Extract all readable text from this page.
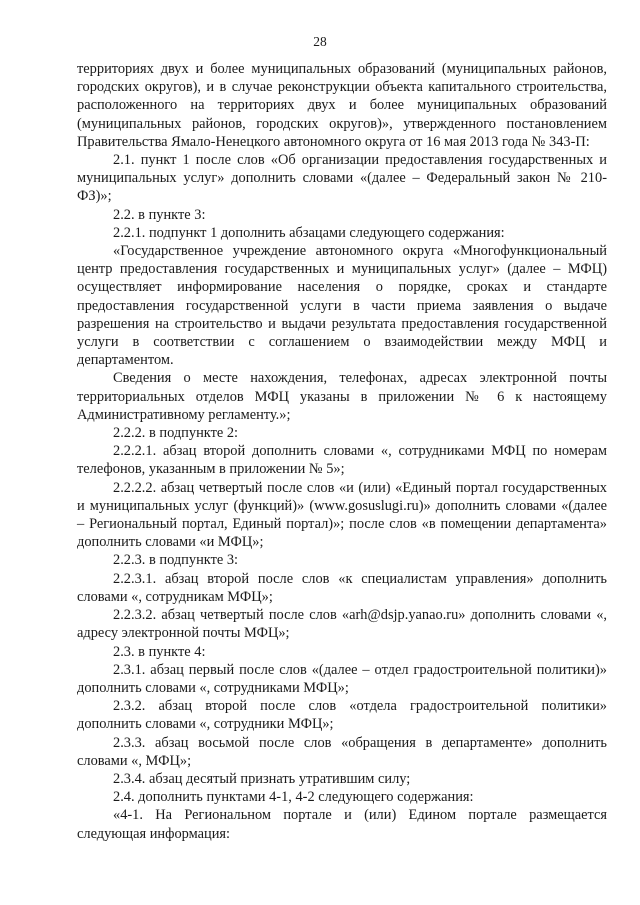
28

территориях двух и более муниципальных образований (муниципальных районов, городских округов), и в случае реконструкции объекта капитального строительства, расположенного на территориях двух и более муниципальных образований (муниципальных районов, городских округов)», утвержденного постановлением Правительства Ямало-Ненецкого автономного округа от 16 мая 2013 года № 343-П:

2.1. пункт 1 после слов «Об организации предоставления государственных и муниципальных услуг» дополнить словами «(далее – Федеральный закон № 210-ФЗ)»;

2.2. в пункте 3:

2.2.1. подпункт 1 дополнить абзацами следующего содержания:

«Государственное учреждение автономного округа «Многофункциональный центр предоставления государственных и муниципальных услуг» (далее – МФЦ) осуществляет информирование населения о порядке, сроках и стандарте предоставления государственной услуги в части приема заявления о выдаче разрешения на строительство и выдачи результата предоставления государственной услуги в соответствии с соглашением о взаимодействии между МФЦ и департаментом.

Сведения о месте нахождения, телефонах, адресах электронной почты территориальных отделов МФЦ указаны в приложении № 6 к настоящему Административному регламенту.»;

2.2.2. в подпункте 2:

2.2.2.1. абзац второй дополнить словами «, сотрудниками МФЦ по номерам телефонов, указанным в приложении № 5»;

2.2.2.2. абзац четвертый после слов «и (или) «Единый портал государственных и муниципальных услуг (функций)» (www.gosuslugi.ru)» дополнить словами «(далее – Региональный портал, Единый портал)»; после слов «в помещении департамента» дополнить словами «и МФЦ»;

2.2.3. в подпункте 3:

2.2.3.1. абзац второй после слов «к специалистам управления» дополнить словами «, сотрудникам МФЦ»;

2.2.3.2. абзац четвертый после слов «arh@dsjp.yanao.ru» дополнить словами «, адресу электронной почты МФЦ»;

2.3. в пункте 4:

2.3.1. абзац первый после слов «(далее – отдел градостроительной политики)» дополнить словами «, сотрудниками МФЦ»;

2.3.2. абзац второй после слов «отдела градостроительной политики» дополнить словами «, сотрудники МФЦ»;

2.3.3. абзац восьмой после слов «обращения в департаменте» дополнить словами «, МФЦ»;

2.3.4. абзац десятый признать утратившим силу;

2.4. дополнить пунктами 4-1, 4-2 следующего содержания:

«4-1. На Региональном портале и (или) Едином портале размещается следующая информация:
